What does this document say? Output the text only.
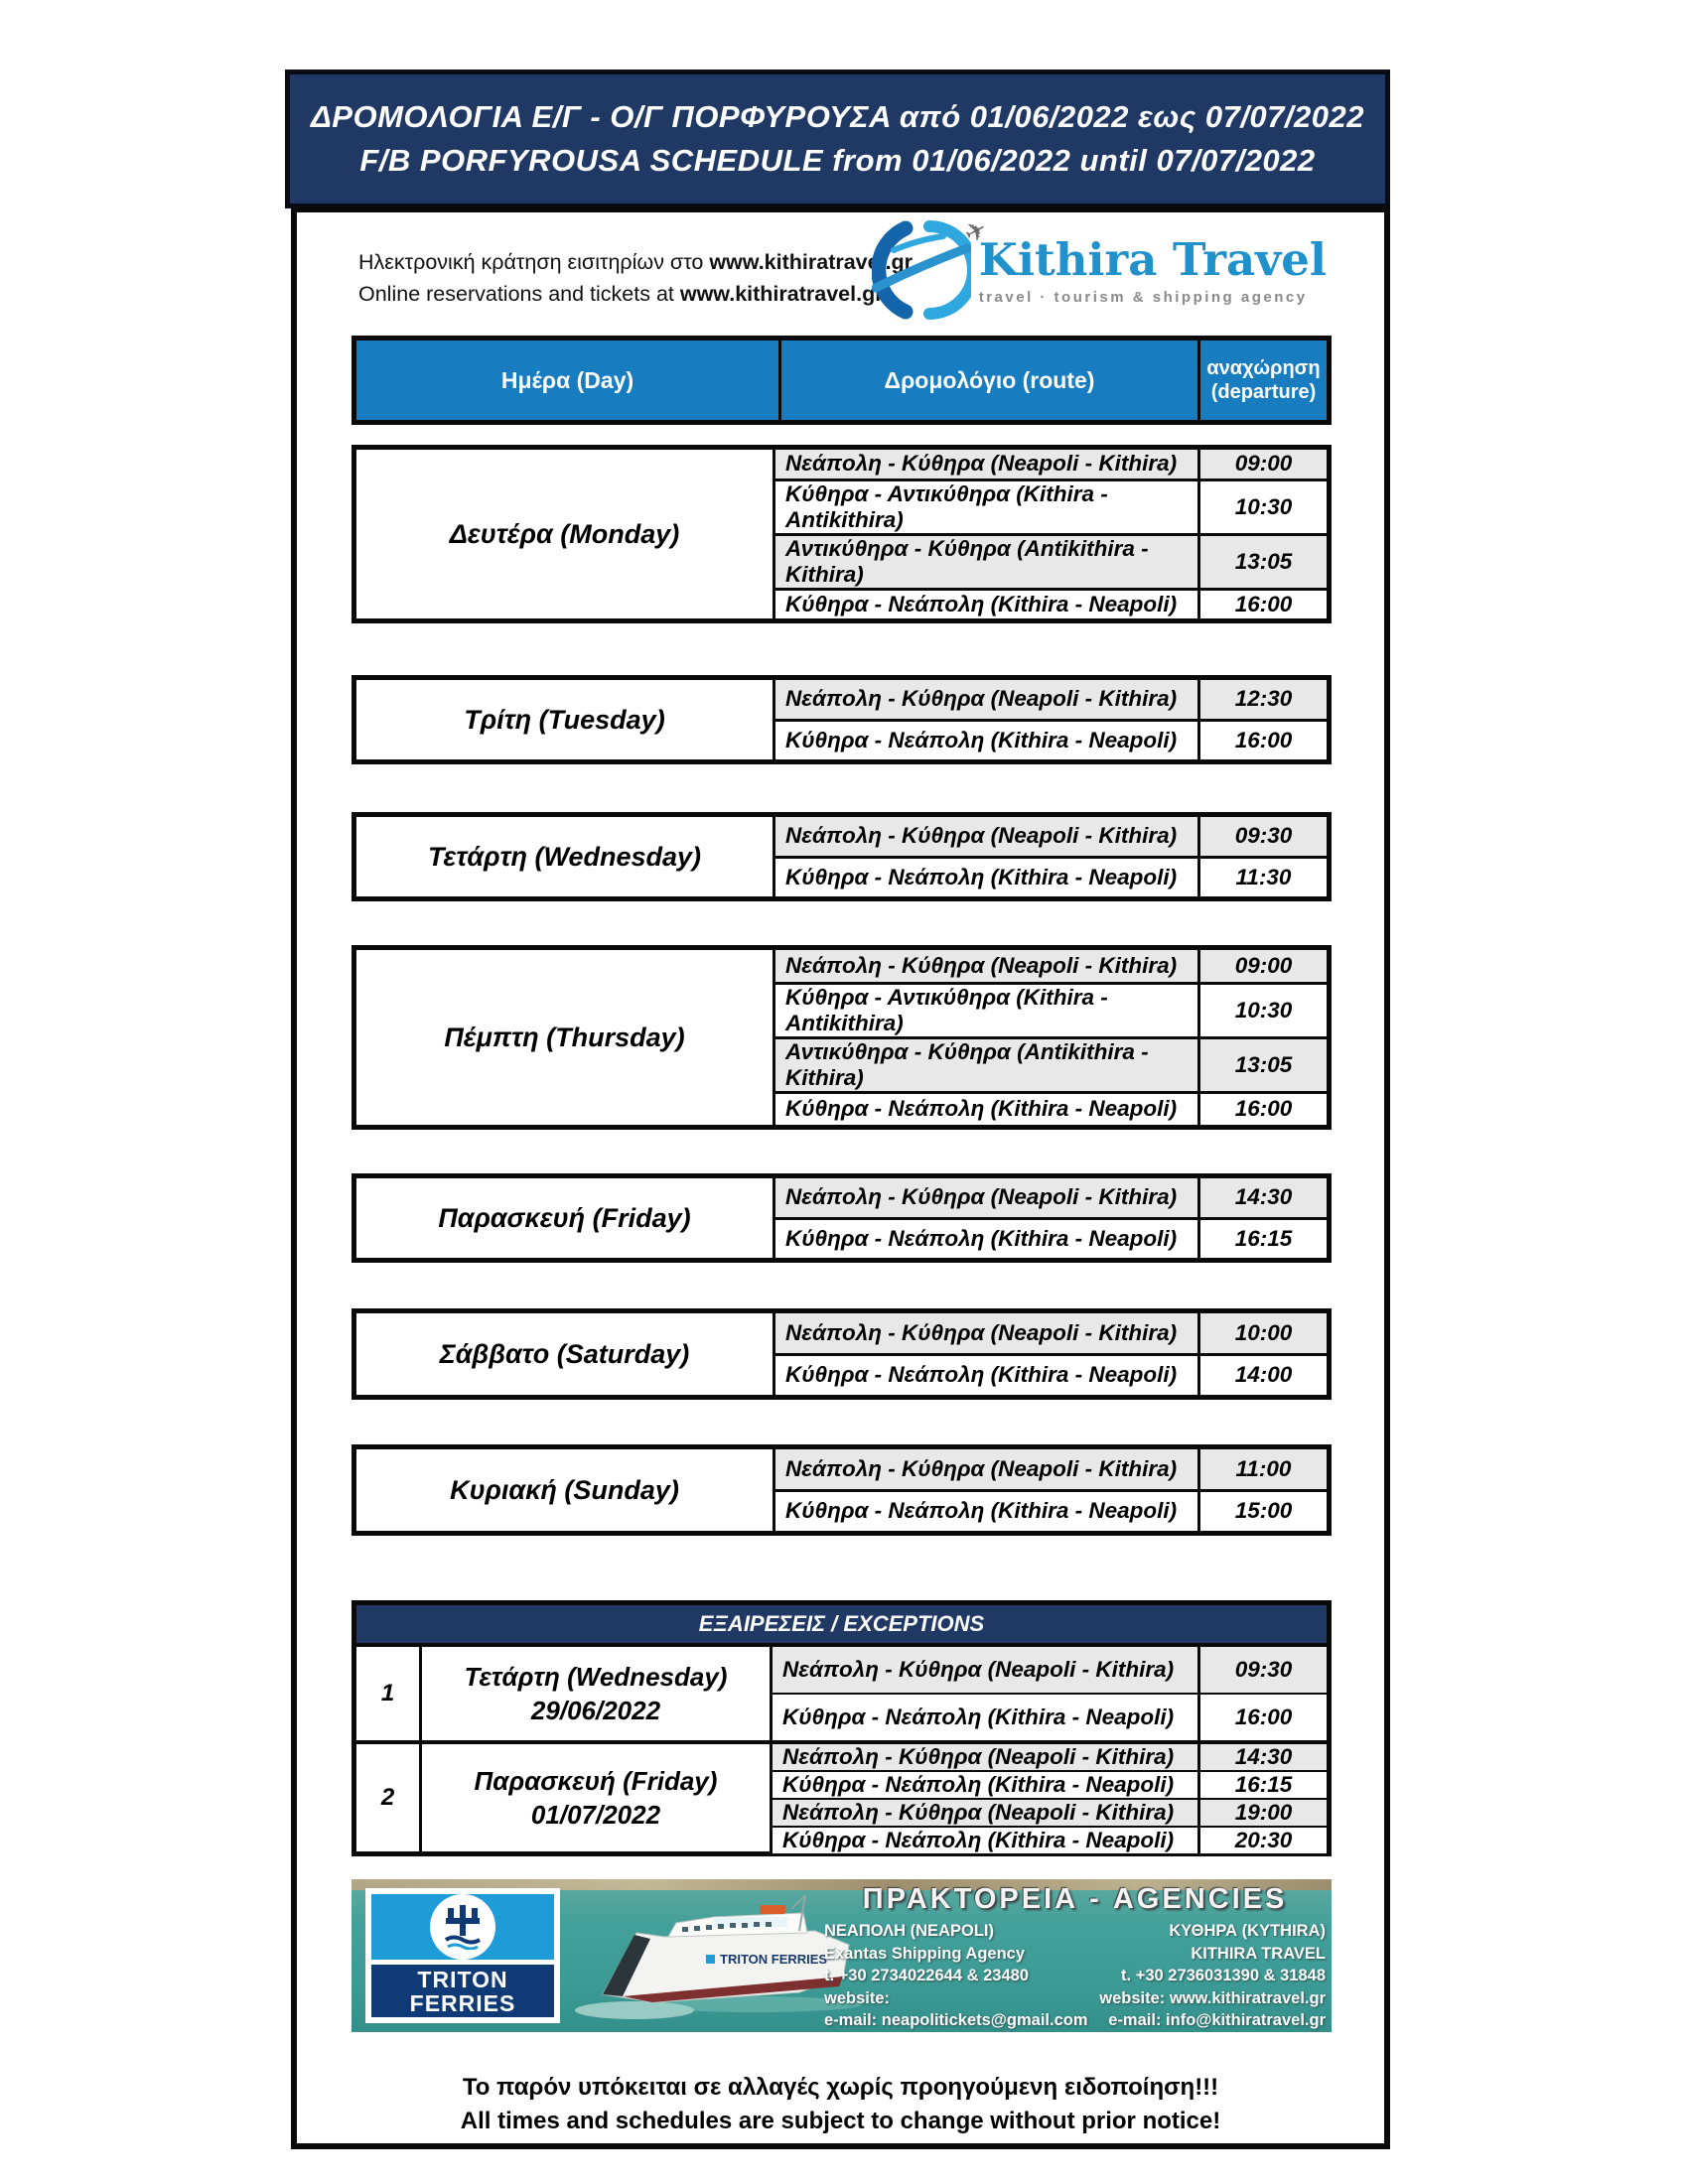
ΔΡΟΜΟΛΟΓΙΑ Ε/Γ - Ο/Γ ΠΟΡΦΥΡΟΥΣΑ από 01/06/2022 εως 07/07/2022
F/B PORFYROUSA SCHEDULE from 01/06/2022 until 07/07/2022
Ηλεκτρονική κράτηση εισιτηρίων στο www.kithiratravel.gr
Online reservations and tickets at www.kithiratravel.gr
✈
Kithira Travel
travel · tourism & shipping agency
Ημέρα (Day)	Δρομολόγιο (route)	αναχώρηση (departure)
Δευτέρα (Monday)
Νεάπολη - Κύθηρα (Neapoli - Kithira)	09:00
Κύθηρα - Αντικύθηρα (Kithira - Antikithira)
10:30
Αντικύθηρα - Κύθηρα (Antikithira - Kithira)
13:05
Κύθηρα - Νεάπολη (Kithira - Neapoli)	16:00
Τρίτη (Tuesday)
Νεάπολη - Κύθηρα (Neapoli - Kithira)	12:30
Κύθηρα - Νεάπολη (Kithira - Neapoli)	16:00
Τετάρτη (Wednesday)
Νεάπολη - Κύθηρα (Neapoli - Kithira)	09:30
Κύθηρα - Νεάπολη (Kithira - Neapoli)	11:30
Πέμπτη (Thursday)
Νεάπολη - Κύθηρα (Neapoli - Kithira)	09:00
Κύθηρα - Αντικύθηρα (Kithira - Antikithira)
10:30
Αντικύθηρα - Κύθηρα (Antikithira - Kithira)
13:05
Κύθηρα - Νεάπολη (Kithira - Neapoli)	16:00
Παρασκευή (Friday)
Νεάπολη - Κύθηρα (Neapoli - Kithira)	14:30
Κύθηρα - Νεάπολη (Kithira - Neapoli)	16:15
Σάββατο (Saturday)
Νεάπολη - Κύθηρα (Neapoli - Kithira)	10:00
Κύθηρα - Νεάπολη (Kithira - Neapoli)	14:00
Κυριακή (Sunday)
Νεάπολη - Κύθηρα (Neapoli - Kithira)	11:00
Κύθηρα - Νεάπολη (Kithira - Neapoli)	15:00
ΕΞΑΙΡΕΣΕΙΣ / EXCEPTIONS
1
Τετάρτη (Wednesday)
29/06/2022
Νεάπολη - Κύθηρα (Neapoli - Kithira)	09:30
Κύθηρα - Νεάπολη (Kithira - Neapoli)	16:00
2
Παρασκευή (Friday)
01/07/2022
Νεάπολη - Κύθηρα (Neapoli - Kithira)	14:30
Κύθηρα - Νεάπολη (Kithira - Neapoli)	16:15
Νεάπολη - Κύθηρα (Neapoli - Kithira)	19:00
Κύθηρα - Νεάπολη (Kithira - Neapoli)	20:30
TRITON
FERRIES
TRITON FERRIES
ΠΡΑΚΤΟΡΕΙΑ - AGENCIES
ΝΕΑΠΟΛΗ (NEAPOLI)
Exantas Shipping Agency
t. +30 2734022644 & 23480
website:
e-mail: neapolitickets@gmail.com
ΚΥΘΗΡΑ (KYTHIRA)
KITHIRA TRAVEL
t. +30 2736031390 & 31848
website: www.kithiratravel.gr
e-mail: info@kithiratravel.gr
Το παρόν υπόκειται σε αλλαγές χωρίς προηγούμενη ειδοποίηση!!!
All times and schedules are subject to change without prior notice!
